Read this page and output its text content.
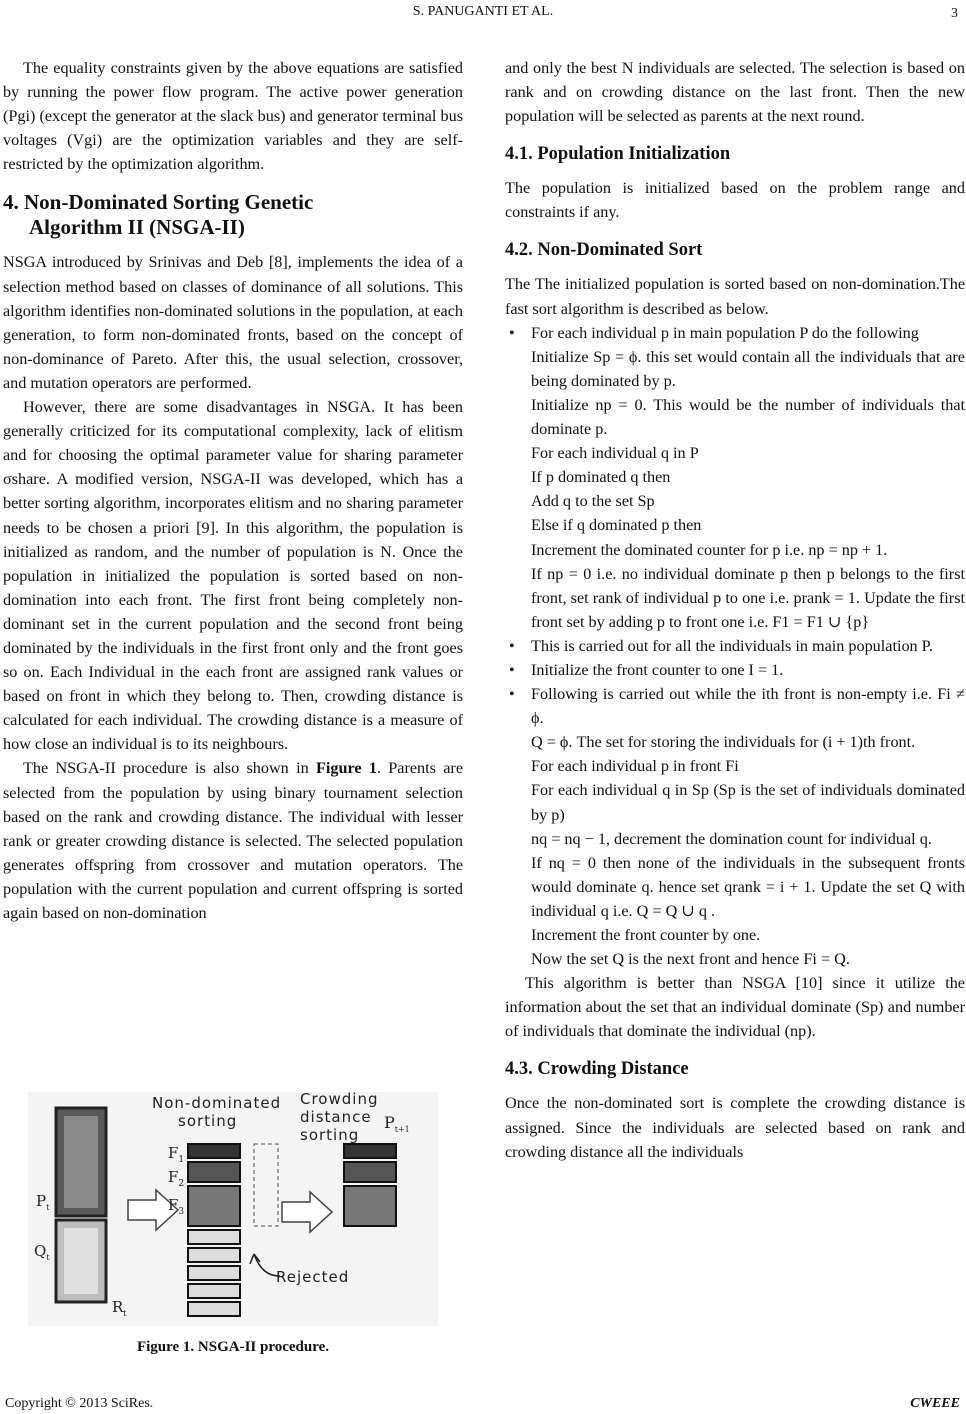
S. PANUGANTI ET AL.	3

The equality constraints given by the above equations are satisfied by running the power flow program. The active power generation (Pgi) (except the generator at the slack bus) and generator terminal bus voltages (Vgi) are the optimization variables and they are self-restricted by the optimization algorithm.

4. Non-Dominated Sorting Genetic
Algorithm II (NSGA-II)

NSGA introduced by Srinivas and Deb [8], implements the idea of a selection method based on classes of dominance of all solutions. This algorithm identifies non-dominated solutions in the population, at each generation, to form non-dominated fronts, based on the concept of non-dominance of Pareto. After this, the usual selection, crossover, and mutation operators are performed.

However, there are some disadvantages in NSGA. It has been generally criticized for its computational complexity, lack of elitism and for choosing the optimal parameter value for sharing parameter σshare. A modified version, NSGA-II was developed, which has a better sorting algorithm, incorporates elitism and no sharing parameter needs to be chosen a priori [9]. In this algorithm, the population is initialized as random, and the number of population is N. Once the population in initialized the population is sorted based on non-domination into each front. The first front being completely non-dominant set in the current population and the second front being dominated by the individuals in the first front only and the front goes so on. Each Individual in the each front are assigned rank values or based on front in which they belong to. Then, crowding distance is calculated for each individual. The crowding distance is a measure of how close an individual is to its neighbours.

The NSGA-II procedure is also shown in Figure 1. Parents are selected from the population by using binary tournament selection based on the rank and crowding distance. The individual with lesser rank or greater crowding distance is selected. The selected population generates offspring from crossover and mutation operators. The population with the current population and current offspring is sorted again based on non-domination

Non-dominated
sorting
Crowding
distance
sorting
$P_{t+1}$
$F_1$
$F_2$
$F_3$
$P_t$
$Q_t$
$R_t$
Rejected
Figure 1. NSGA-II procedure.

and only the best N individuals are selected. The selection is based on rank and on crowding distance on the last front. Then the new population will be selected as parents at the next round.

4.1. Population Initialization

The population is initialized based on the problem range and constraints if any.

4.2. Non-Dominated Sort

The The initialized population is sorted based on non-domination.The fast sort algorithm is described as below.

• For each individual p in main population P do the following
Initialize Sp = ϕ. this set would contain all the individuals that are being dominated by p.
Initialize np = 0. This would be the number of individuals that dominate p.
For each individual q in P
If p dominated q then
Add q to the set Sp
Else if q dominated p then
Increment the dominated counter for p i.e. np = np + 1.
If np = 0 i.e. no individual dominate p then p belongs to the first front, set rank of individual p to one i.e. prank = 1. Update the first front set by adding p to front one i.e. F1 = F1 ∪ {p}
• This is carried out for all the individuals in main population P.
• Initialize the front counter to one I = 1.
• Following is carried out while the ith front is non-empty i.e. Fi ≠ ϕ.
Q = ϕ. The set for storing the individuals for (i + 1)th front.
For each individual p in front Fi
For each individual q in Sp (Sp is the set of individuals dominated by p)
nq = nq − 1, decrement the domination count for individual q.
If nq = 0 then none of the individuals in the subsequent fronts would dominate q. hence set qrank = i + 1. Update the set Q with individual q i.e. Q = Q ∪ q .
Increment the front counter by one.
Now the set Q is the next front and hence Fi = Q.

This algorithm is better than NSGA [10] since it utilize the information about the set that an individual dominate (Sp) and number of individuals that dominate the individual (np).

4.3. Crowding Distance

Once the non-dominated sort is complete the crowding distance is assigned. Since the individuals are selected based on rank and crowding distance all the individuals

Copyright © 2013 SciRes.	CWEEE
